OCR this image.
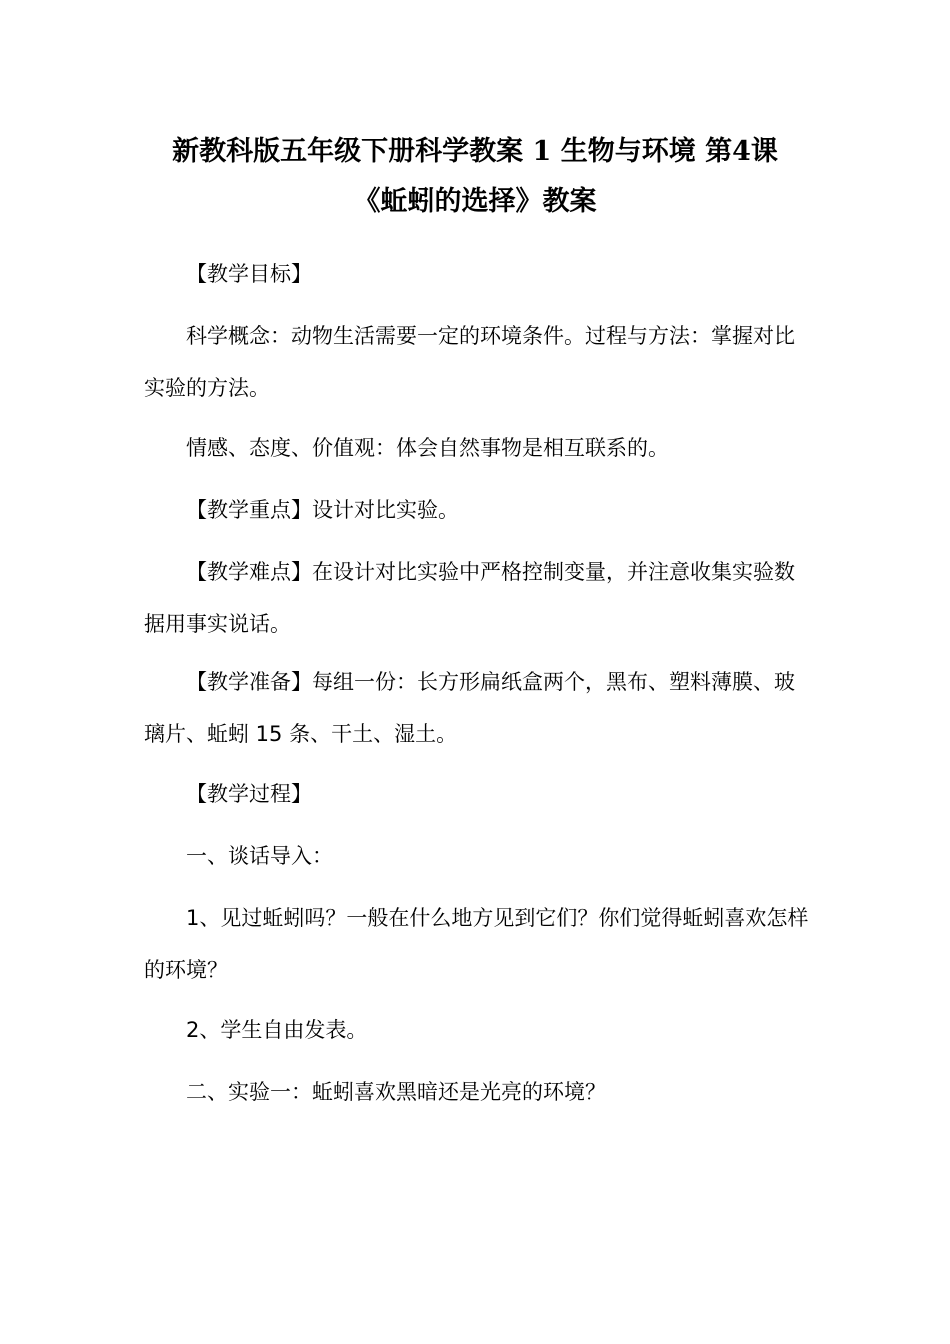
新教科版五年级下册科学教案 1 生物与环境 第4课
《蚯蚓的选择》教案

【教学目标】

科学概念：动物生活需要一定的环境条件。过程与方法：掌握对比实验的方法。

情感、态度、价值观：体会自然事物是相互联系的。

【教学重点】设计对比实验。

【教学难点】在设计对比实验中严格控制变量，并注意收集实验数据用事实说话。

【教学准备】每组一份：长方形扁纸盒两个，黑布、塑料薄膜、玻璃片、蚯蚓 15 条、干土、湿土。

【教学过程】

一、谈话导入：

1、见过蚯蚓吗？一般在什么地方见到它们？你们觉得蚯蚓喜欢怎样的环境？

2、学生自由发表。

二、实验一：蚯蚓喜欢黑暗还是光亮的环境？
